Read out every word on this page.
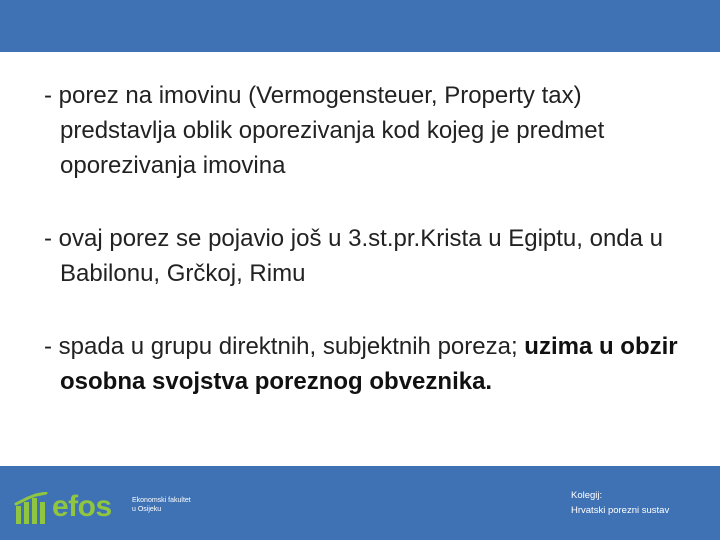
- porez na imovinu (Vermogensteuer, Property tax) predstavlja oblik oporezivanja kod kojeg je predmet oporezivanja imovina

- ovaj porez se pojavio još u 3.st.pr.Krista u Egiptu, onda u Babilonu, Grčkoj, Rimu

- spada u grupu direktnih, subjektnih poreza; uzima u obzir osobna svojstva poreznog obveznika.

efos	Ekonomski fakultet
u Osijeku
Kolegij:
Hrvatski porezni sustav
